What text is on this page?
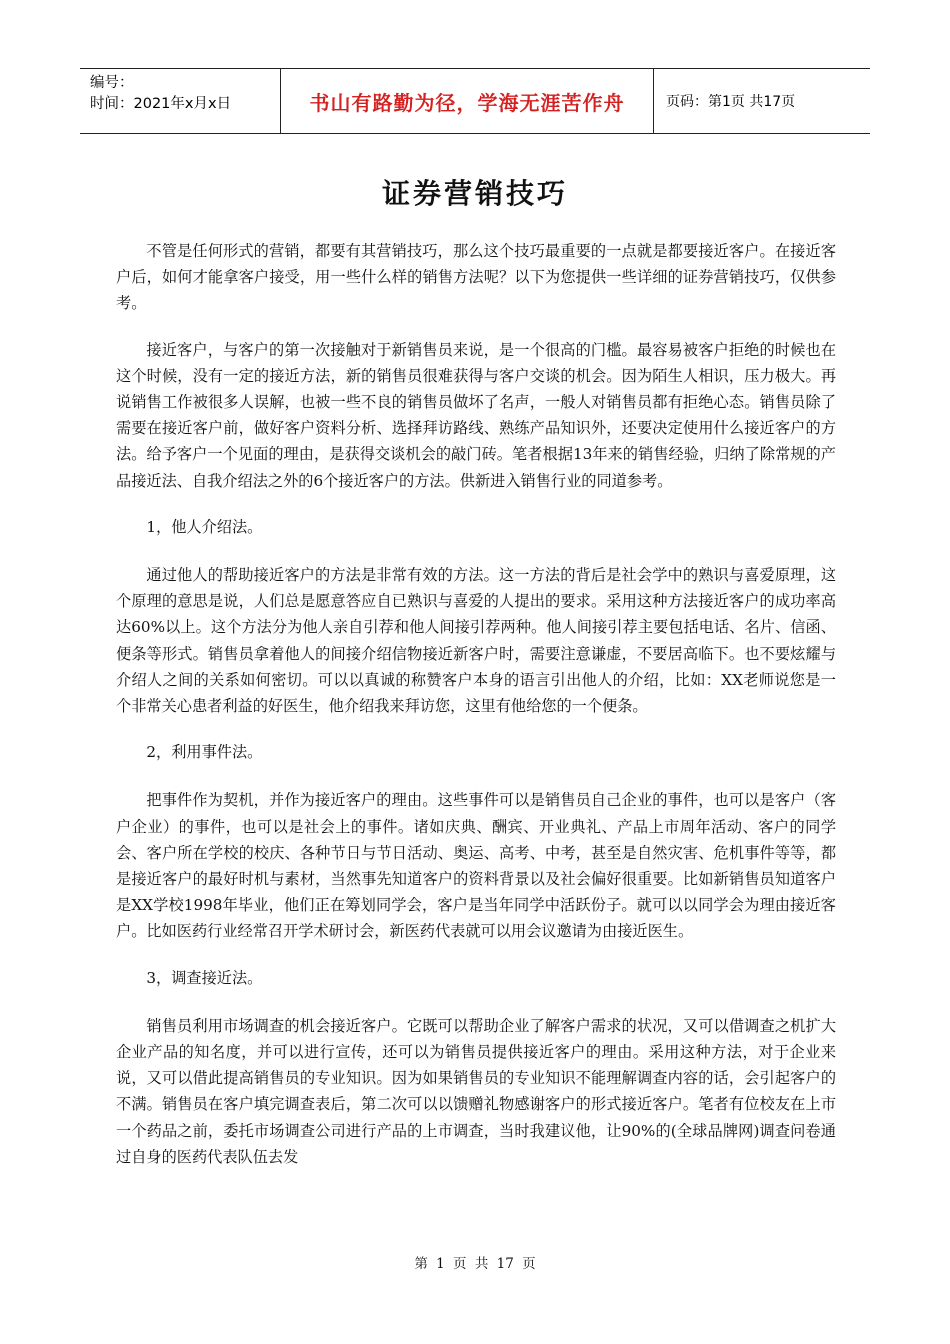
编号：
时间：2021年x月x日	书山有路勤为径，学海无涯苦作舟	页码：第1页 共17页
证券营销技巧

不管是任何形式的营销，都要有其营销技巧，那么这个技巧最重要的一点就是都要接近客户。在接近客户后，如何才能拿客户接受，用一些什么样的销售方法呢？以下为您提供一些详细的证券营销技巧，仅供参考。

接近客户，与客户的第一次接触对于新销售员来说，是一个很高的门槛。最容易被客户拒绝的时候也在这个时候，没有一定的接近方法，新的销售员很难获得与客户交谈的机会。因为陌生人相识，压力极大。再说销售工作被很多人误解，也被一些不良的销售员做坏了名声，一般人对销售员都有拒绝心态。销售员除了需要在接近客户前，做好客户资料分析、选择拜访路线、熟练产品知识外，还要决定使用什么接近客户的方法。给予客户一个见面的理由，是获得交谈机会的敲门砖。笔者根据13年来的销售经验，归纳了除常规的产品接近法、自我介绍法之外的6个接近客户的方法。供新进入销售行业的同道参考。

1，他人介绍法。

通过他人的帮助接近客户的方法是非常有效的方法。这一方法的背后是社会学中的熟识与喜爱原理，这个原理的意思是说，人们总是愿意答应自已熟识与喜爱的人提出的要求。采用这种方法接近客户的成功率高达60%以上。这个方法分为他人亲自引荐和他人间接引荐两种。他人间接引荐主要包括电话、名片、信函、便条等形式。销售员拿着他人的间接介绍信物接近新客户时，需要注意谦虚，不要居高临下。也不要炫耀与介绍人之间的关系如何密切。可以以真诚的称赞客户本身的语言引出他人的介绍，比如：XX老师说您是一个非常关心患者利益的好医生，他介绍我来拜访您，这里有他给您的一个便条。

2，利用事件法。

把事件作为契机，并作为接近客户的理由。这些事件可以是销售员自己企业的事件，也可以是客户（客户企业）的事件，也可以是社会上的事件。诸如庆典、酬宾、开业典礼、产品上市周年活动、客户的同学会、客户所在学校的校庆、各种节日与节日活动、奥运、高考、中考，甚至是自然灾害、危机事件等等，都是接近客户的最好时机与素材，当然事先知道客户的资料背景以及社会偏好很重要。比如新销售员知道客户是XX学校1998年毕业，他们正在筹划同学会，客户是当年同学中活跃份子。就可以以同学会为理由接近客户。比如医药行业经常召开学术研讨会，新医药代表就可以用会议邀请为由接近医生。

3，调查接近法。

销售员利用市场调查的机会接近客户。它既可以帮助企业了解客户需求的状况，又可以借调查之机扩大企业产品的知名度，并可以进行宣传，还可以为销售员提供接近客户的理由。采用这种方法，对于企业来说，又可以借此提高销售员的专业知识。因为如果销售员的专业知识不能理解调查内容的话，会引起客户的不满。销售员在客户填完调查表后，第二次可以以馈赠礼物感谢客户的形式接近客户。笔者有位校友在上市一个药品之前，委托市场调查公司进行产品的上市调查，当时我建议他，让90%的(全球品牌网)调查问卷通过自身的医药代表队伍去发

第 1 页 共 17 页
